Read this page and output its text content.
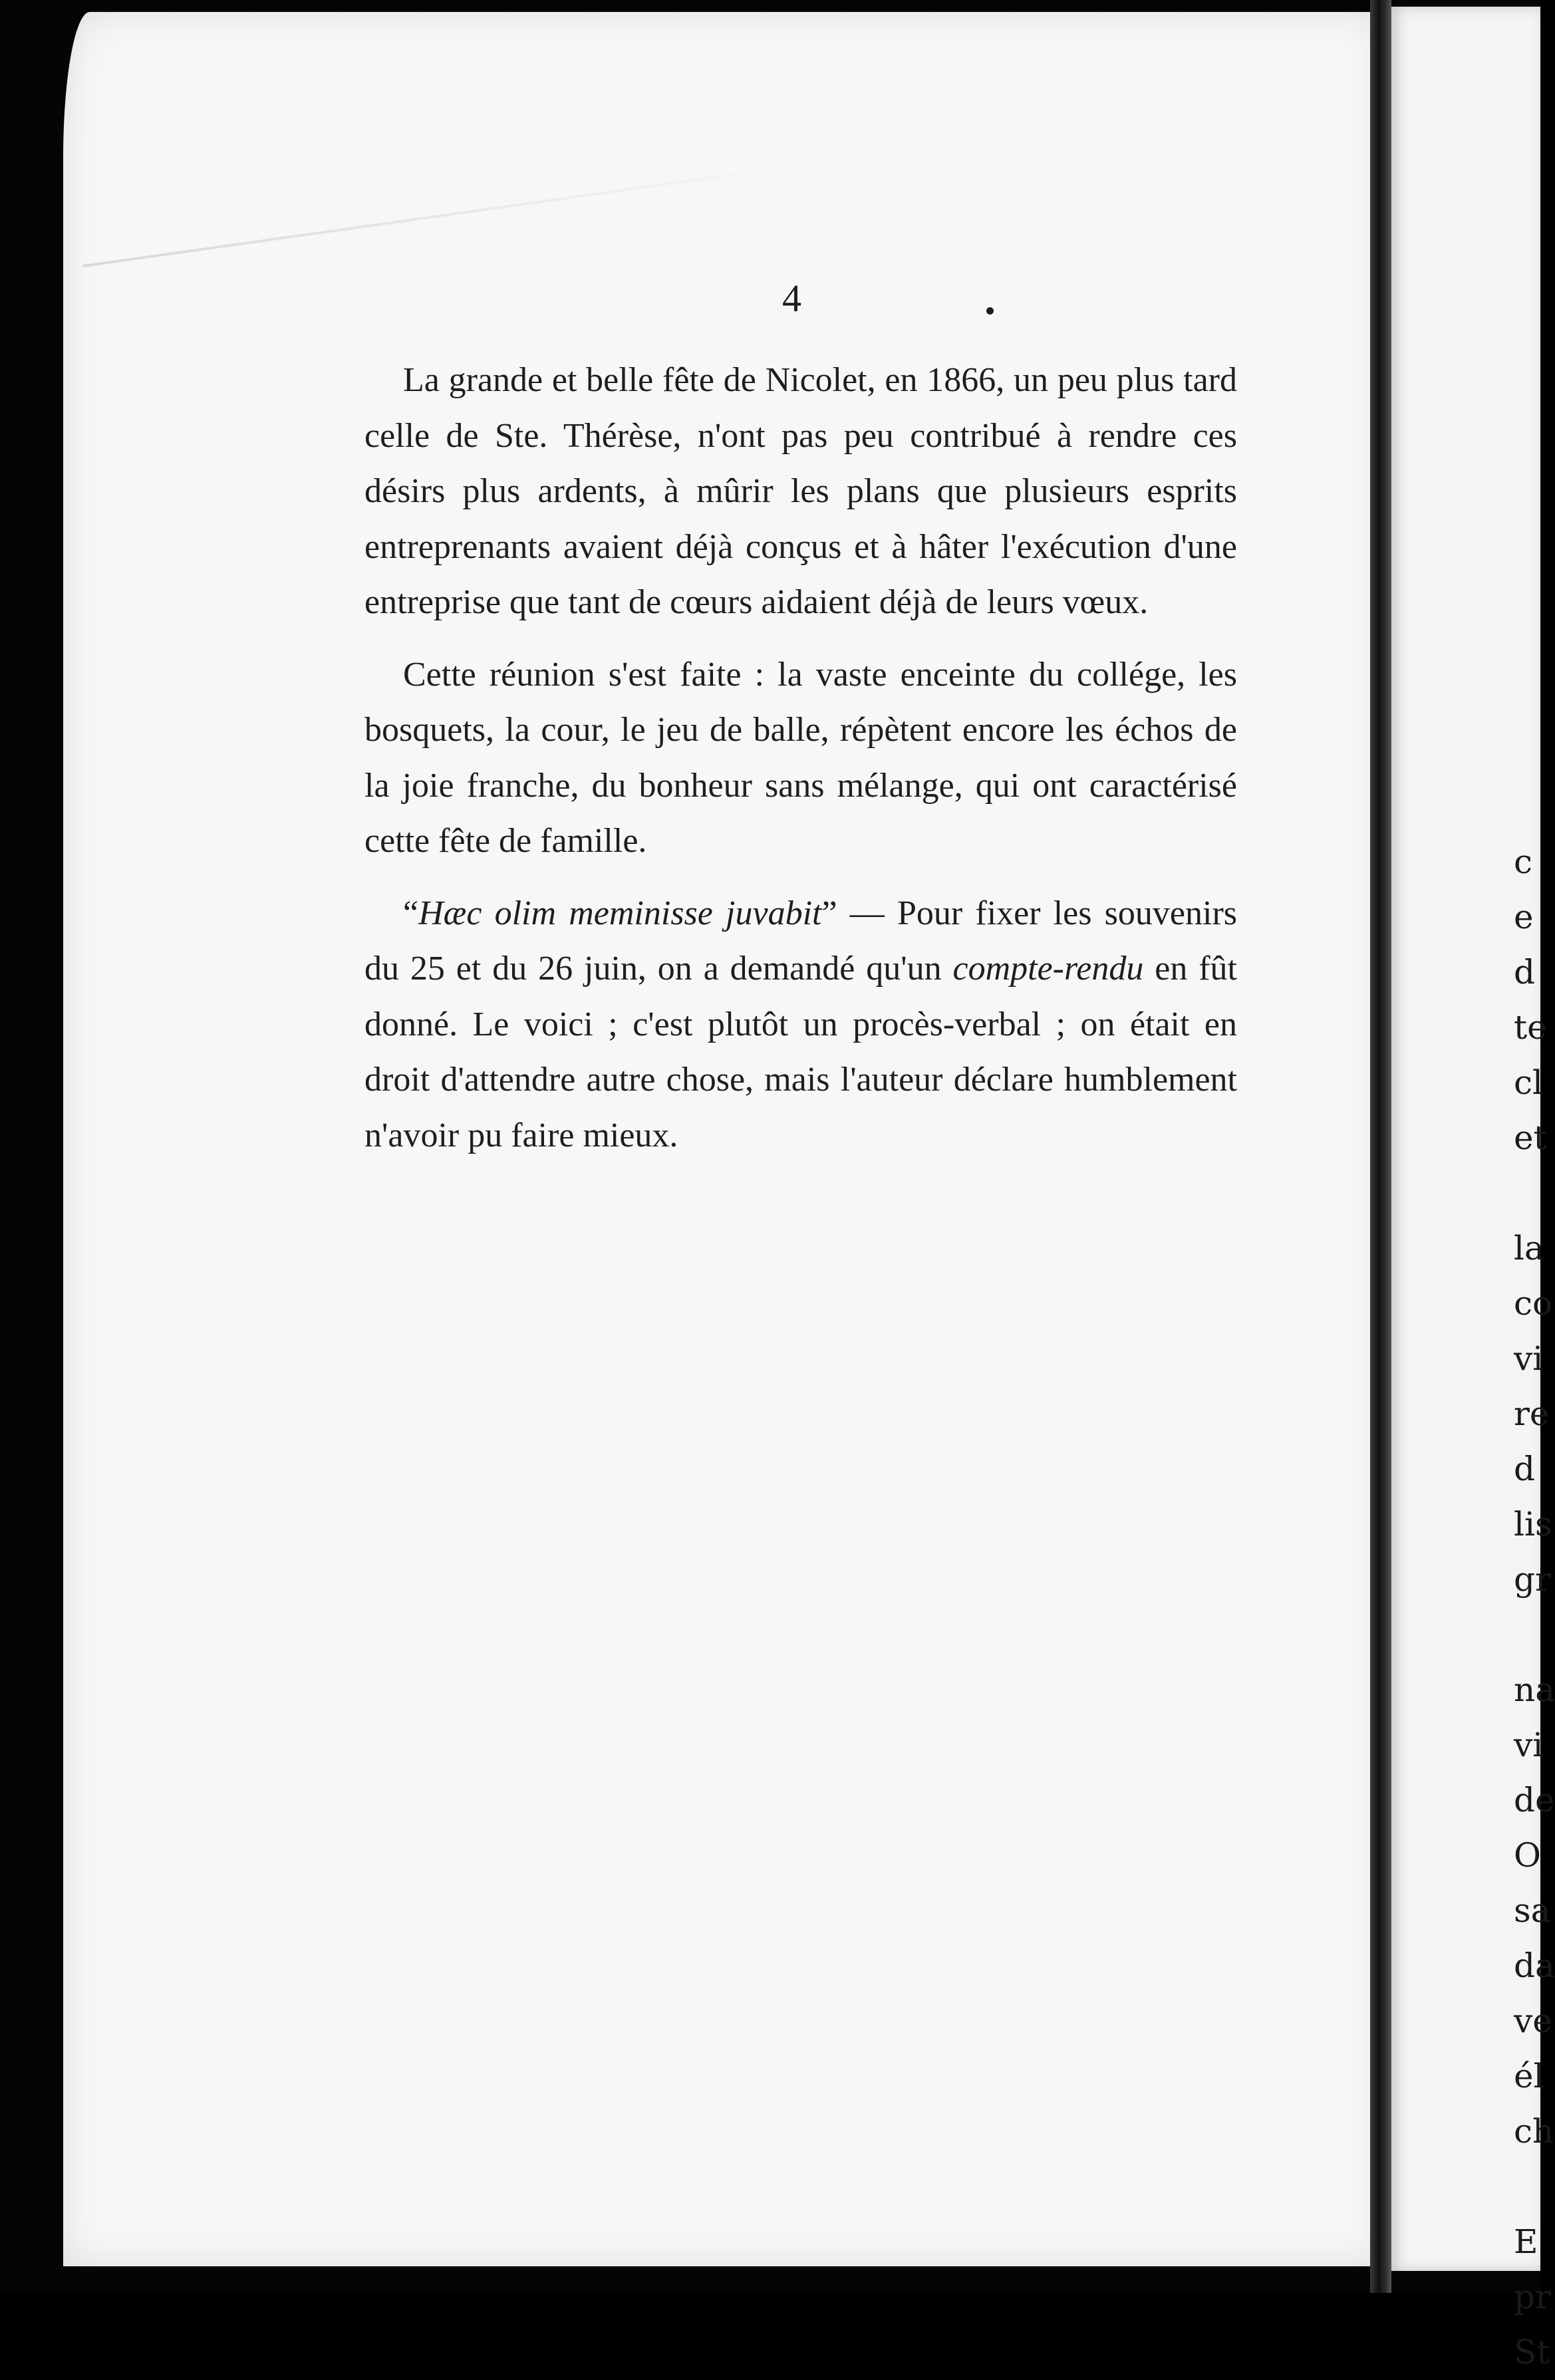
c
e
d
te
cl
et
la
co
vi
re
d
lis
gr
na
vi
de
O
sa
da
ve
él
ch
E
pr
St
4

La grande et belle fête de Nicolet, en 1866, un peu plus tard celle de Ste. Thérèse, n'ont pas peu contribué à rendre ces désirs plus ardents, à mûrir les plans que plusieurs esprits entreprenants avaient déjà conçus et à hâter l'exécution d'une entreprise que tant de cœurs aidaient déjà de leurs vœux.

Cette réunion s'est faite : la vaste enceinte du collége, les bosquets, la cour, le jeu de balle, répètent encore les échos de la joie franche, du bonheur sans mélange, qui ont caractérisé cette fête de famille.

“Hæc olim meminisse juvabit” — Pour fixer les souvenirs du 25 et du 26 juin, on a demandé qu'un compte-rendu en fût donné. Le voici ; c'est plutôt un procès-verbal ; on était en droit d'attendre autre chose, mais l'auteur déclare humblement n'avoir pu faire mieux.
